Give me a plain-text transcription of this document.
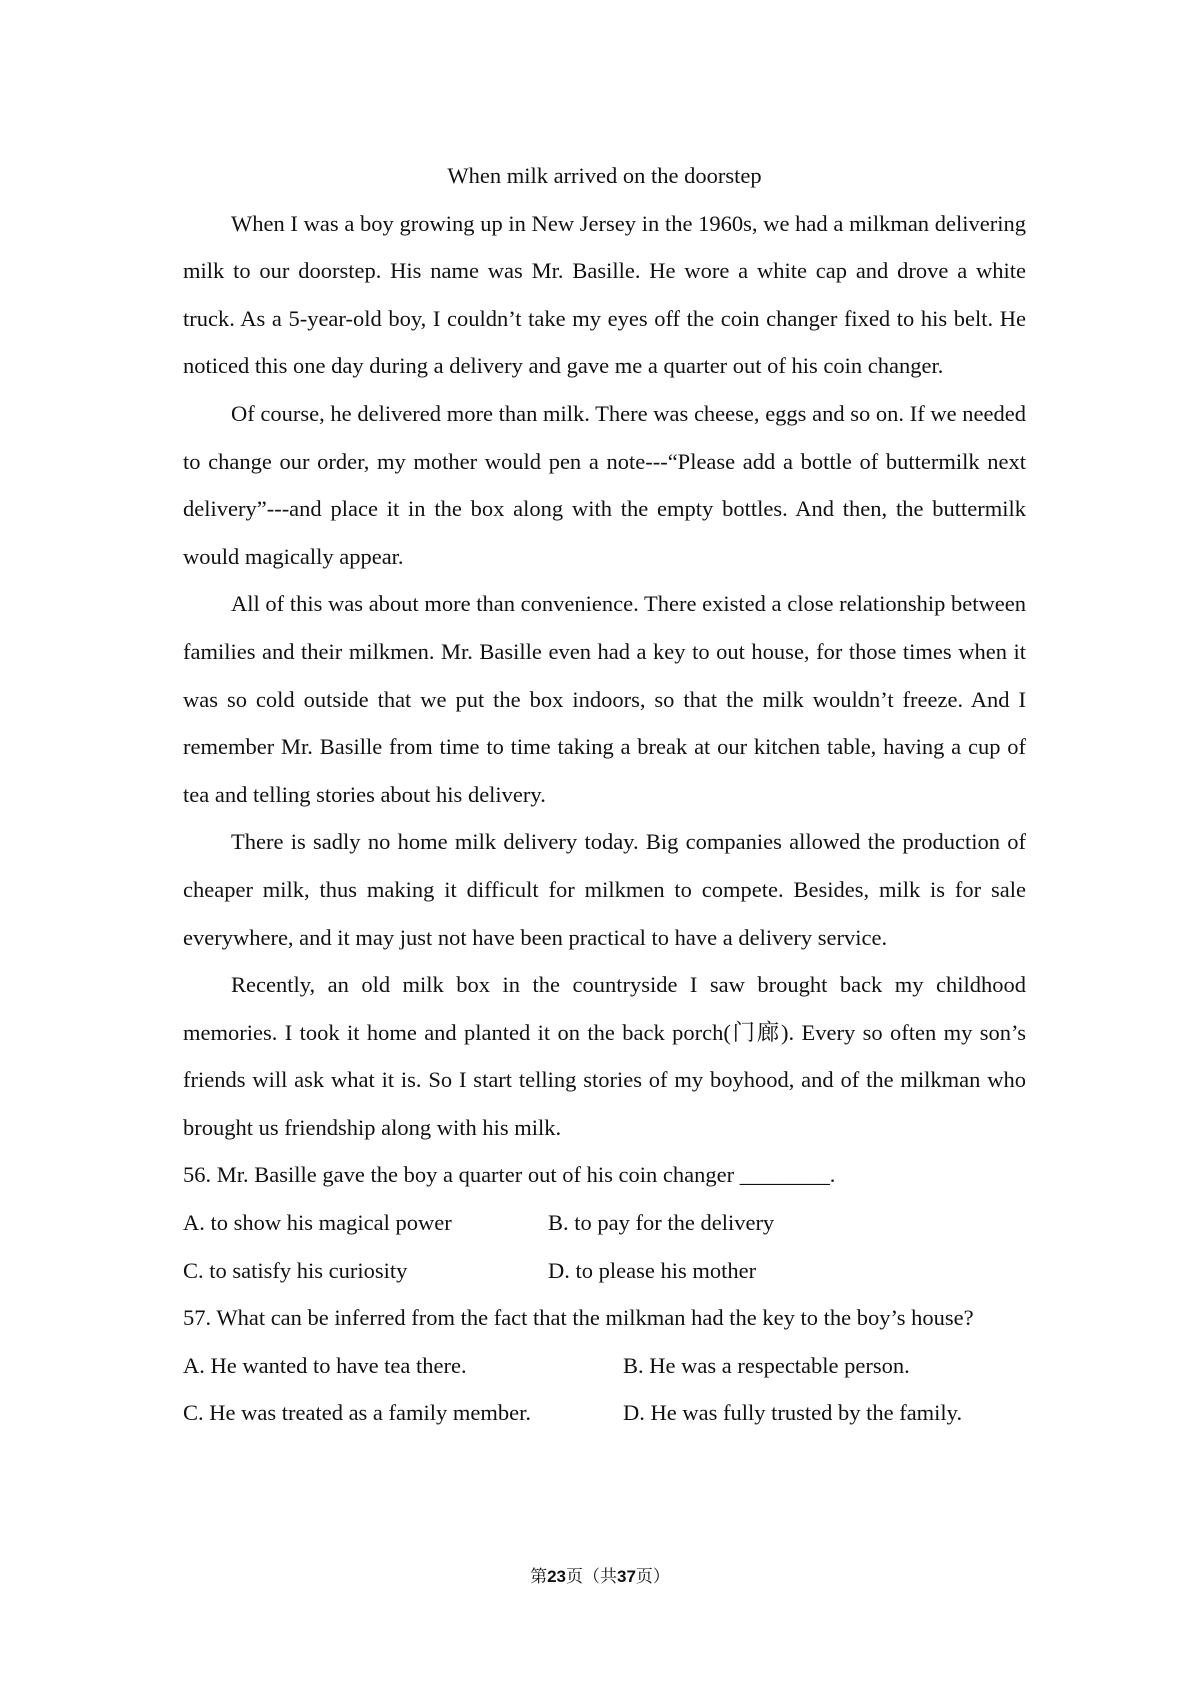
When milk arrived on the doorstep

When I was a boy growing up in New Jersey in the 1960s, we had a milkman delivering milk to our doorstep. His name was Mr. Basille. He wore a white cap and drove a white truck. As a 5-year-old boy, I couldn’t take my eyes off the coin changer fixed to his belt. He noticed this one day during a delivery and gave me a quarter out of his coin changer.

Of course, he delivered more than milk. There was cheese, eggs and so on. If we needed to change our order, my mother would pen a note---“Please add a bottle of buttermilk next delivery”---and place it in the box along with the empty bottles. And then, the buttermilk would magically appear.

All of this was about more than convenience. There existed a close relationship between families and their milkmen. Mr. Basille even had a key to out house, for those times when it was so cold outside that we put the box indoors, so that the milk wouldn’t freeze. And I remember Mr. Basille from time to time taking a break at our kitchen table, having a cup of tea and telling stories about his delivery.

There is sadly no home milk delivery today. Big companies allowed the production of cheaper milk, thus making it difficult for milkmen to compete. Besides, milk is for sale everywhere, and it may just not have been practical to have a delivery service.

Recently, an old milk box in the countryside I saw brought back my childhood memories. I took it home and planted it on the back porch(门廊). Every so often my son’s friends will ask what it is. So I start telling stories of my boyhood, and of the milkman who brought us friendship along with his milk.

56. Mr. Basille gave the boy a quarter out of his coin changer ________.

A. to show his magical power	B. to pay for the delivery
C. to satisfy his curiosity	D. to please his mother

57. What can be inferred from the fact that the milkman had the key to the boy’s house?

A. He wanted to have tea there.	B. He was a respectable person.
C. He was treated as a family member.	D. He was fully trusted by the family.
第23页（共37页）
